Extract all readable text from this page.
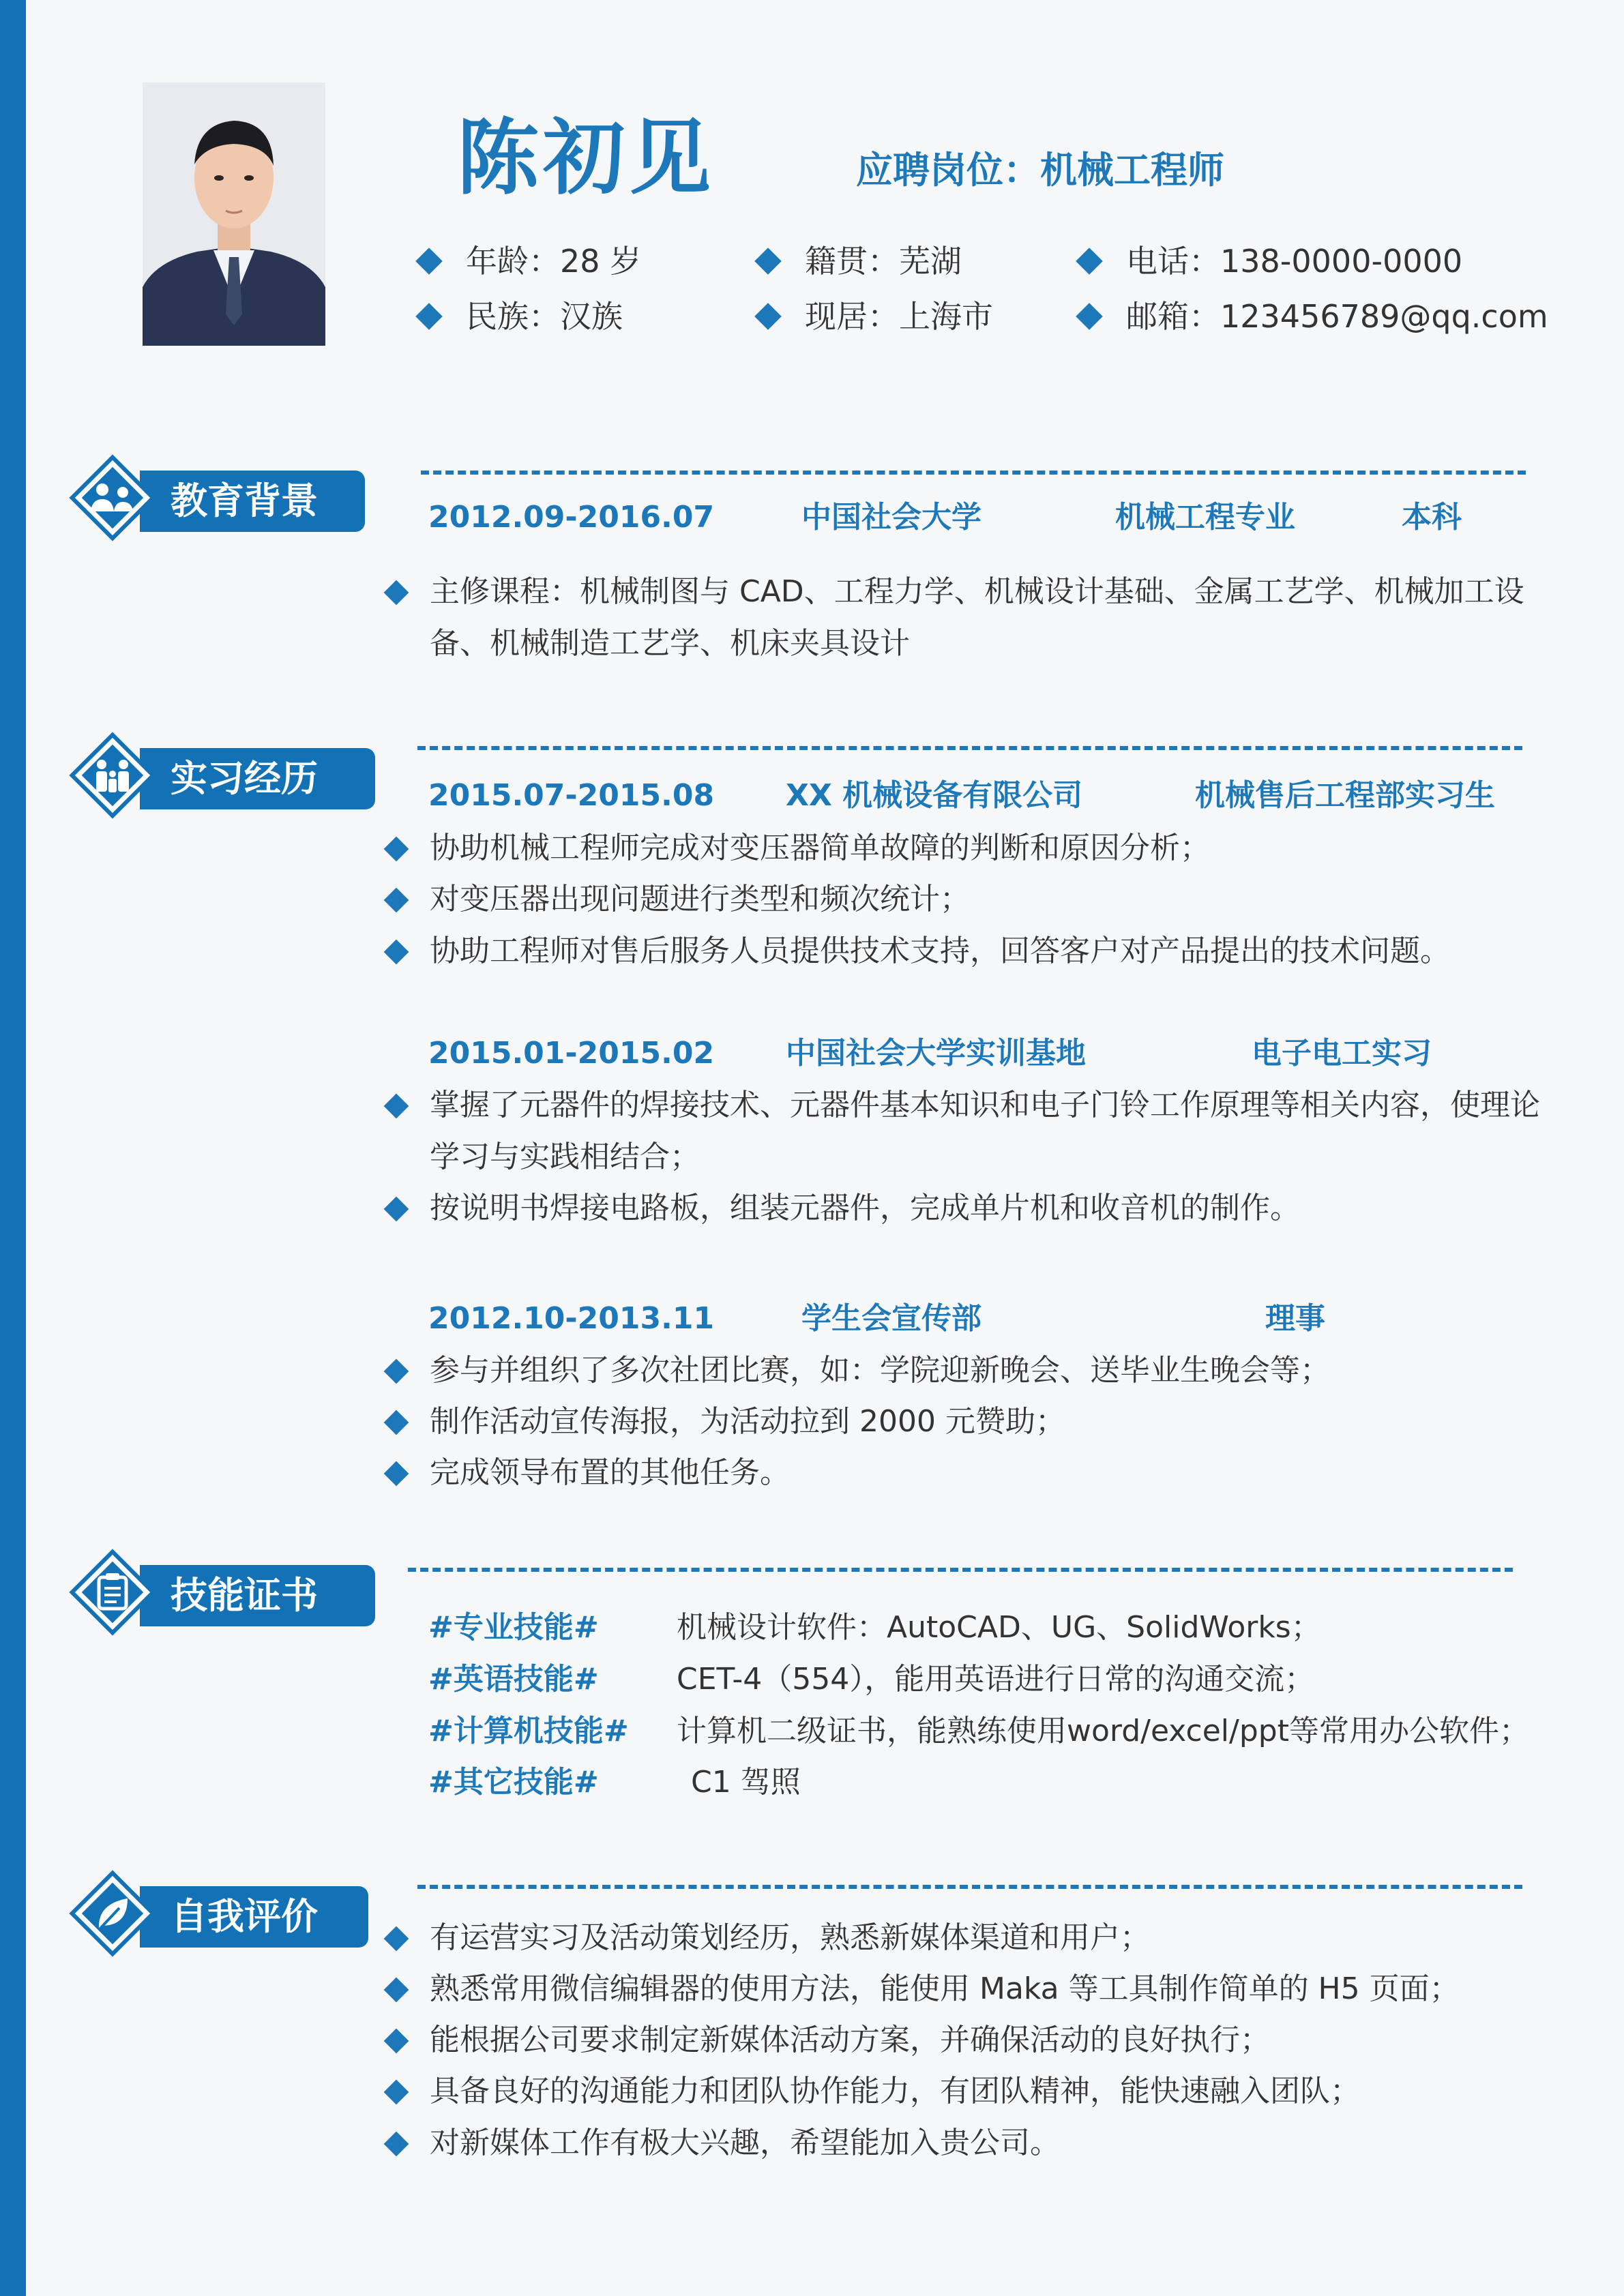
陈初见	应聘岗位：机械工程师
年龄：28 岁	籍贯：芜湖	电话：138-0000-0000
民族：汉族	现居：上海市	邮箱：123456789@qq.com
教育背景	2012.09-2016.07	中国社会大学	机械工程专业	本科
主修课程：机械制图与 CAD、工程力学、机械设计基础、金属工艺学、机械加工设备、机械制造工艺学、机床夹具设计
实习经历	2015.07-2015.08 XX 机械设备有限公司	机械售后工程部实习生
协助机械工程师完成对变压器简单故障的判断和原因分析；
对变压器出现问题进行类型和频次统计；
协助工程师对售后服务人员提供技术支持，回答客户对产品提出的技术问题。
2015.01-2015.02 中国社会大学实训基地	电子电工实习
掌握了元器件的焊接技术、元器件基本知识和电子门铃工作原理等相关内容，使理论学习与实践相结合；
按说明书焊接电路板，组装元器件，完成单片机和收音机的制作。
2012.10-2013.11	学生会宣传部	理事
参与并组织了多次社团比赛，如：学院迎新晚会、送毕业生晚会等；
制作活动宣传海报，为活动拉到 2000 元赞助；
完成领导布置的其他任务。
技能证书
#专业技能#	机械设计软件：AutoCAD、UG、SolidWorks；
#英语技能#	CET-4（554），能用英语进行日常的沟通交流；
#计算机技能# 计算机二级证书，能熟练使用word/excel/ppt等常用办公软件；
#其它技能#	C1 驾照
自我评价	有运营实习及活动策划经历，熟悉新媒体渠道和用户；
熟悉常用微信编辑器的使用方法，能使用 Maka 等工具制作简单的 H5 页面；
能根据公司要求制定新媒体活动方案，并确保活动的良好执行；
具备良好的沟通能力和团队协作能力，有团队精神，能快速融入团队；
对新媒体工作有极大兴趣，希望能加入贵公司。
